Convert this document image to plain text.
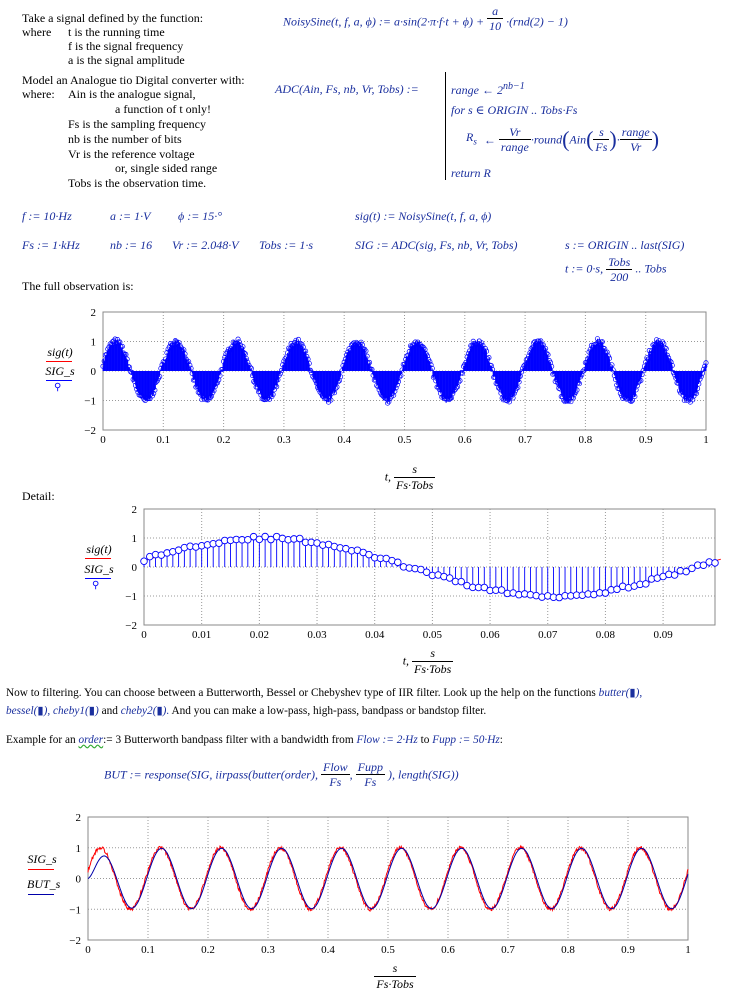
Take a signal defined by the function:
where t is the running time
f is the signal frequency
a is the signal amplitude
NoisySine(t, f, a, ϕ) := $a\cdot\sin(2\cdot\pi\cdot f\cdot t + \phi) + \frac{a}{10} \cdot(rnd(2) - 1)$
Model an Analogue tio Digital converter with:
where: Ain is the analogue signal,
a function of t only!
Fs is the sampling frequency
nb is the number of bits
Vr is the reference voltage
or, single sided range
Tobs is the observation time.
ADC(Ain, Fs, nb, Vr, Tobs) :=	range ← $2^{nb-1}$
for s ∈ ORIGIN .. Tobs·Fs
$R_s$ ← $\frac{Vr}{\text{range}}$ ·round(Ain( $\frac{s}{Fs}$ )· $\frac{\text{range}}{Vr}$ )
return R
f := 10·Hz	a := 1·V ϕ := 15·°	sig(t) := NoisySine(t, f, a, ϕ)
Fs := 1·kHz	nb := 16 Vr := 2.048·V Tobs := 1·s	SIG := ADC(sig, Fs, nb, Vr, Tobs)	s := ORIGIN .. last(SIG)
t := 0·s, $\frac{\text{Tobs}}{200}$ .. Tobs
The full observation is:
2
1
0
−1
−2
0	0.1	0.2	0.3	0.4	0.5	0.6	0.7	0.8	0.9	1
sig(t)
SIG_s
⚲
t, $\frac{s}{\text{Fs·Tobs}}$
Detail:
2
1
0
−1
−2
0	0.01	0.02	0.03	0.04	0.05	0.06	0.07	0.08	0.09
sig(t)
SIG_s
⚲
t, $\frac{s}{\text{Fs·Tobs}}$
Now to filtering. You can choose between a Butterworth, Bessel or Chebyshev type of IIR filter. Look up the help on the functions butter(▮),
bessel(▮), cheby1(▮) and cheby2(▮). And you can make a low-pass, high-pass, bandpass or bandstop filter.
Example for an order:= 3 Butterworth bandpass filter with a bandwidth from Flow := 2·Hz to Fupp := 50·Hz:
BUT := response(SIG, iirpass(butter(order), $\frac{\text{Flow}}{Fs}$ , $\frac{\text{Fupp}}{Fs}$ ), length(SIG))
2
1
0
−1
−2
0	0.1	0.2	0.3	0.4	0.5	0.6	0.7	0.8	0.9	1
SIG_s
BUT_s
$\frac{s}{\text{Fs·Tobs}}$
